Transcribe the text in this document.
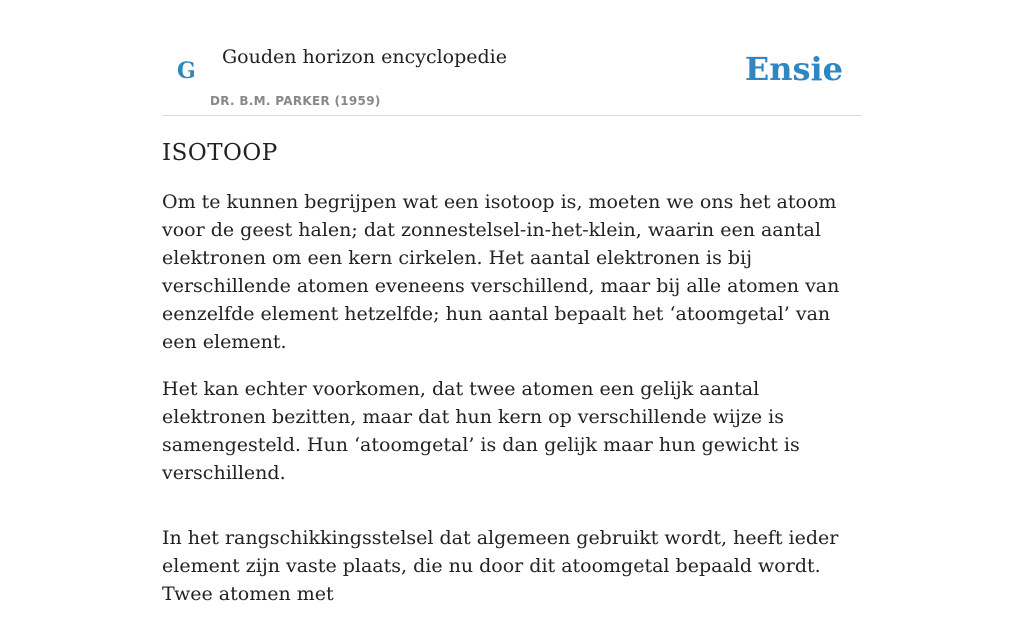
G
Gouden horizon encyclopedie
DR. B.M. PARKER (1959)
Ensie
ISOTOOP

Om te kunnen begrijpen wat een isotoop is, moeten we ons het atoom voor de geest halen; dat zonnestelsel-in-het-klein, waarin een aantal elektronen om een kern cirkelen. Het aantal elektronen is bij verschillende atomen eveneens verschillend, maar bij alle atomen van eenzelfde element hetzelfde; hun aantal bepaalt het ‘atoomgetal’ van een element.

Het kan echter voorkomen, dat twee atomen een gelijk aantal elektronen bezitten, maar dat hun kern op verschillende wijze is samengesteld. Hun ‘atoomgetal’ is dan gelijk maar hun gewicht is verschillend.

In het rangschikkingsstelsel dat algemeen gebruikt wordt, heeft ieder element zijn vaste plaats, die nu door dit atoomgetal bepaald wordt. Twee atomen met
